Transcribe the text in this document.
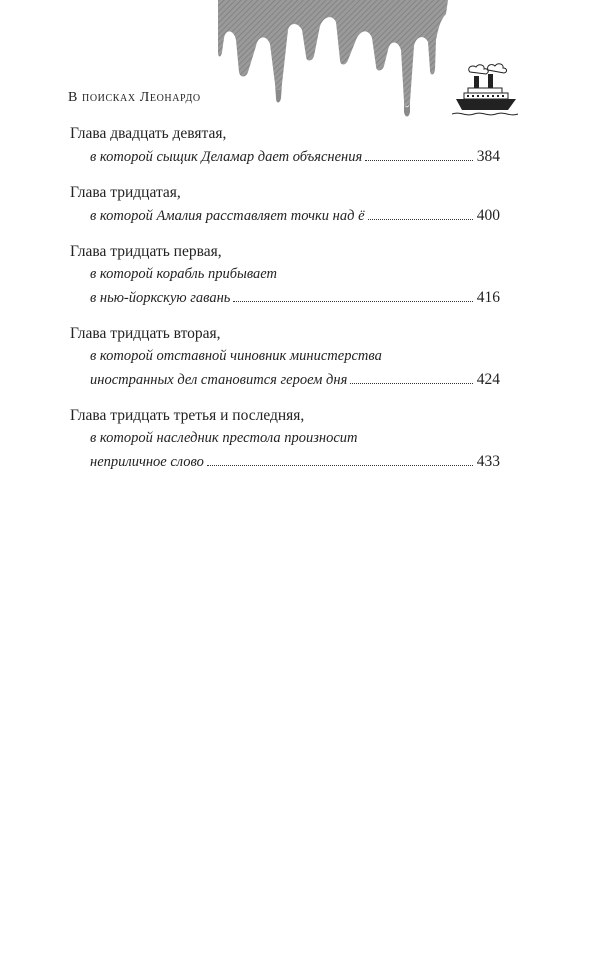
В поисках Леонардо
Глава двадцать девятая,
в которой сыщик Деламар дает объяснения	384
Глава тридцатая,
в которой Амалия расставляет точки над ё	400
Глава тридцать первая,
в которой корабль прибывает
в нью-йоркскую гавань	416
Глава тридцать вторая,
в которой отставной чиновник министерства
иностранных дел становится героем дня	424
Глава тридцать третья и последняя,
в которой наследник престола произносит
неприличное слово	433
